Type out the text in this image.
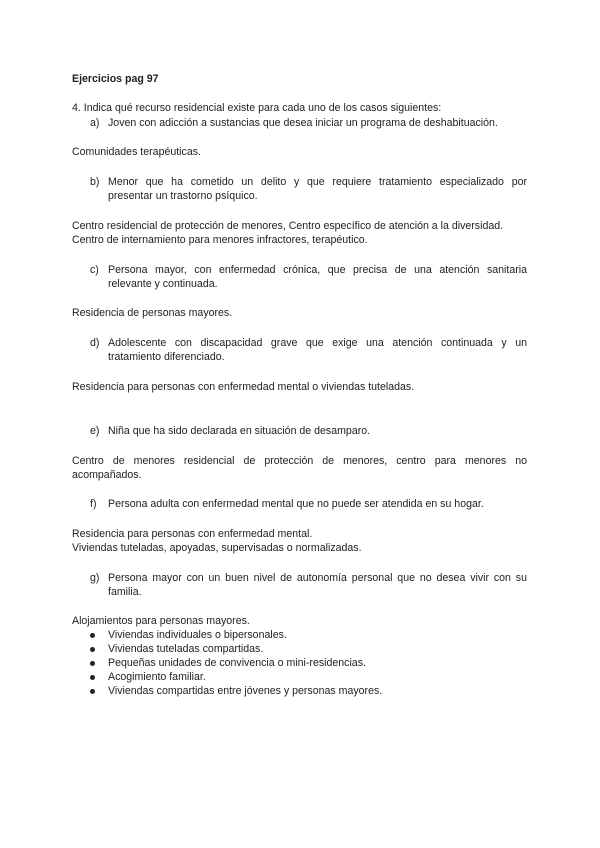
Ejercicios pag 97
4. Indica qué recurso residencial existe para cada uno de los casos siguientes:
a) Joven con adicción a sustancias que desea iniciar un programa de deshabituación.
Comunidades terapéuticas.
b) Menor que ha cometido un delito y que requiere tratamiento especializado por
presentar un trastorno psíquico.
Centro residencial de protección de menores, Centro específico de atención a la diversidad.
Centro de internamiento para menores infractores, terapéutico.
c) Persona mayor, con enfermedad crónica, que precisa de una atención sanitaria
relevante y continuada.
Residencia de personas mayores.
d) Adolescente con discapacidad grave que exige una atención continuada y un
tratamiento diferenciado.
Residencia para personas con enfermedad mental o viviendas tuteladas.
e) Niña que ha sido declarada en situación de desamparo.
Centro de menores residencial de protección de menores, centro para menores no
acompañados.
f) Persona adulta con enfermedad mental que no puede ser atendida en su hogar.
Residencia para personas con enfermedad mental.
Viviendas tuteladas, apoyadas, supervisadas o normalizadas.
g) Persona mayor con un buen nivel de autonomía personal que no desea vivir con su
familia.
Alojamientos para personas mayores.
Viviendas individuales o bipersonales.
Viviendas tuteladas compartidas.
Pequeñas unidades de convivencia o mini-residencias.
Acogimiento familiar.
Viviendas compartidas entre jóvenes y personas mayores.
